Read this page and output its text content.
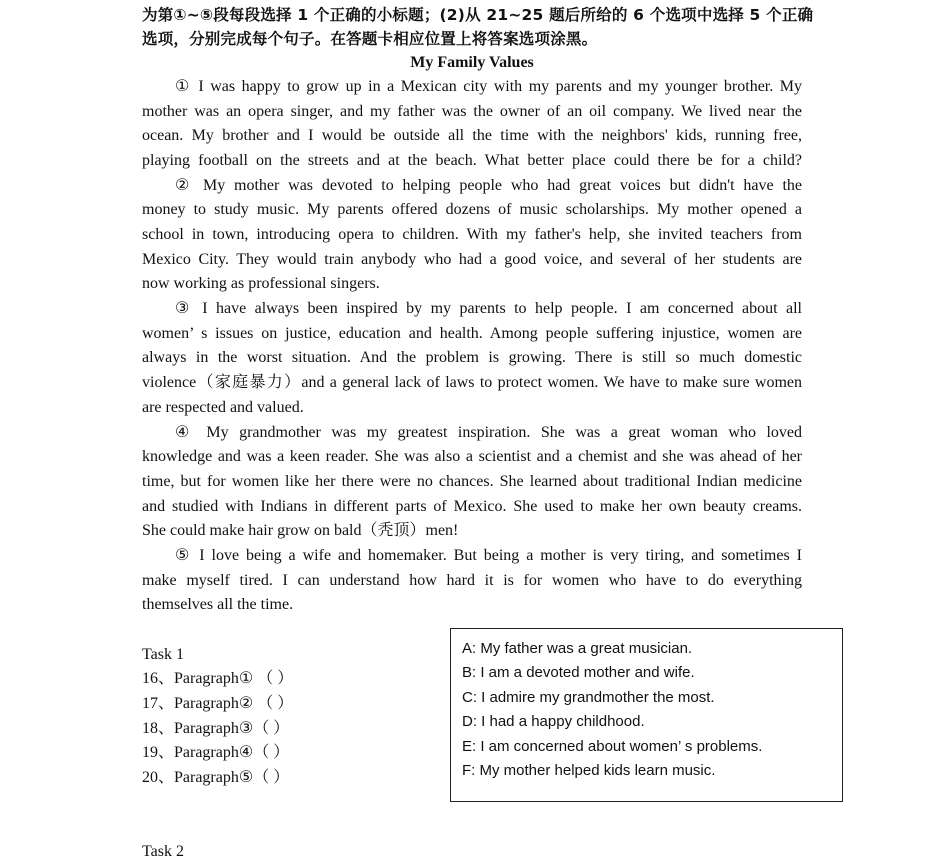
为第①~⑤段每段选择 1 个正确的小标题；(2)从 21~25 题后所给的 6 个选项中选择 5 个正确
选项，分别完成每个句子。在答题卡相应位置上将答案选项涂黑。
My Family Values
① I was happy to grow up in a Mexican city with my parents and my younger brother. My
mother was an opera singer, and my father was the owner of an oil company. We lived near the
ocean. My brother and I would be outside all the time with the neighbors' kids, running free,
playing football on the streets and at the beach. What better place could there be for a child?
② My mother was devoted to helping people who had great voices but didn't have the
money to study music. My parents offered dozens of music scholarships. My mother opened a
school in town, introducing opera to children. With my father's help, she invited teachers from
Mexico City. They would train anybody who had a good voice, and several of her students are
now working as professional singers.
③ I have always been inspired by my parents to help people. I am concerned about all
women’ s issues on justice, education and health. Among people suffering injustice, women are
always in the worst situation. And the problem is growing. There is still so much domestic
violence（家庭暴力）and a general lack of laws to protect women. We have to make sure women
are respected and valued.
④ My grandmother was my greatest inspiration. She was a great woman who loved
knowledge and was a keen reader. She was also a scientist and a chemist and she was ahead of her
time, but for women like her there were no chances. She learned about traditional Indian medicine
and studied with Indians in different parts of Mexico. She used to make her own beauty creams.
She could make hair grow on bald（秃顶）men!
⑤ I love being a wife and homemaker. But being a mother is very tiring, and sometimes I
make myself tired. I can understand how hard it is for women who have to do everything
themselves all the time.
Task 1
16、Paragraph① （ ）
17、Paragraph② （ ）
18、Paragraph③（ ）
19、Paragraph④（ ）
20、Paragraph⑤（ ）
A: My father was a great musician.
B: I am a devoted mother and wife.
C: I admire my grandmother the most.
D: I had a happy childhood.
E: I am concerned about women’ s problems.
F: My mother helped kids learn music.
Task 2
